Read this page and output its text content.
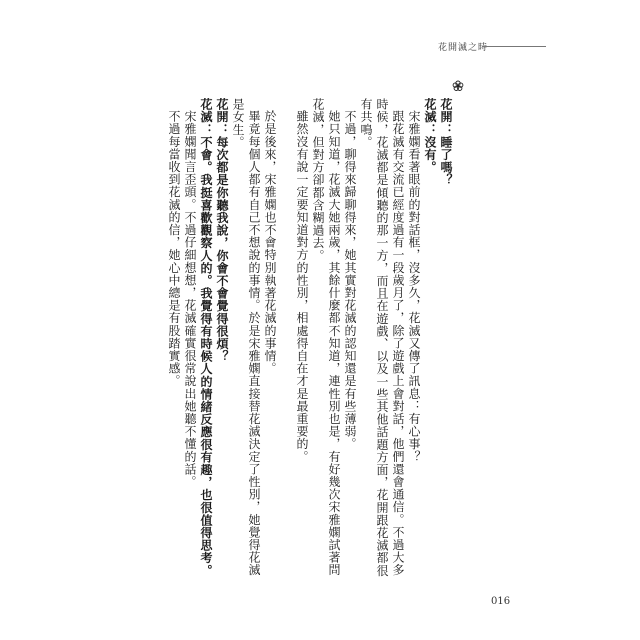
花開滅之時

花開：睡了嗎？

花滅：沒有。

宋雅嫻看著眼前的對話框，沒多久，花滅又傳了訊息：有心事？

跟花滅有交流已經度過有一段歲月了，除了遊戲上會對話，他們還會通信。不過大多時候，花滅都是傾聽的那一方，而且在遊戲、以及一些其他話題方面，花開跟花滅都很有共鳴。

不過，聊得來歸聊得來，她其實對花滅的認知還是有些薄弱。

她只知道，花滅大她兩歲，其餘什麼都不知道，連性別也是，有好幾次宋雅嫻試著問花滅，但對方卻都含糊過去。

雖然沒有說一定要知道對方的性別，相處得自在才是最重要的。

於是後來，宋雅嫻也不會特別執著花滅的事情。

畢竟每個人都有自己不想說的事情。於是宋雅嫻直接替花滅決定了性別，她覺得花滅是女生。

花開：每次都是你聽我說，你會不會覺得很煩？

花滅：不會。我挺喜歡觀察人的。我覺得有時候人的情緒反應很有趣，也很值得思考。

宋雅嫻聞言歪頭。不過仔細想想，花滅確實很常說出她聽不懂的話。

不過每當收到花滅的信，她心中總是有股踏實感。

016
